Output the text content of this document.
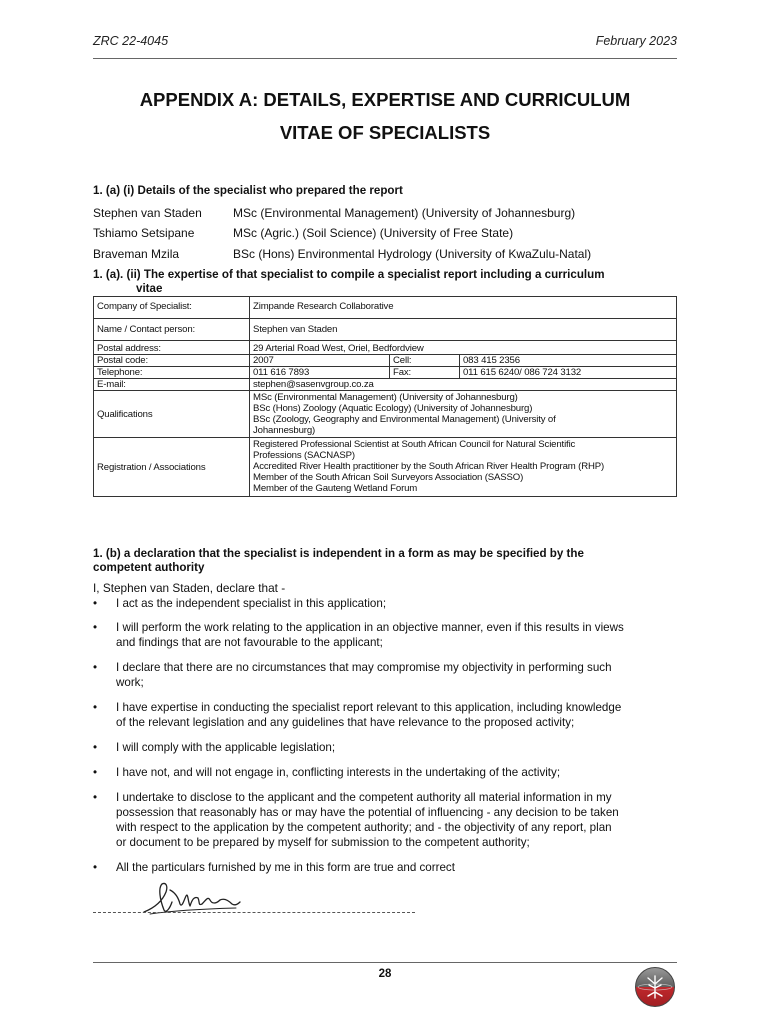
ZRC 22-4045	February 2023
APPENDIX A: DETAILS, EXPERTISE AND CURRICULUM
VITAE OF SPECIALISTS
1. (a) (i) Details of the specialist who prepared the report
Stephen van Staden	MSc (Environmental Management) (University of Johannesburg)
Tshiamo Setsipane	MSc (Agric.) (Soil Science) (University of Free State)
Braveman Mzila	BSc (Hons) Environmental Hydrology (University of KwaZulu-Natal)
1. (a). (ii) The expertise of that specialist to compile a specialist report including a curriculum
vitae
Company of Specialist:	Zimpande Research Collaborative		
Name / Contact person:	Stephen van Staden		
Postal address:	29 Arterial Road West, Oriel, Bedfordview		
Postal code:	2007	Cell:	083 415 2356
Telephone:	011 616 7893	Fax:	011 615 6240/ 086 724 3132
E-mail:	stephen@sasenvgroup.co.za		
Qualifications	MSc (Environmental Management) (University of Johannesburg)
BSc (Hons) Zoology (Aquatic Ecology) (University of Johannesburg)
BSc (Zoology, Geography and Environmental Management) (University of
Johannesburg)		

Registration / Associations	Registered Professional Scientist at South African Council for Natural Scientific
Professions (SACNASP)
Accredited River Health practitioner by the South African River Health Program (RHP)
Member of the South African Soil Surveyors Association (SASSO)
Member of the Gauteng Wetland Forum		
1. (b) a declaration that the specialist is independent in a form as may be specified by the
competent authority
I, Stephen van Staden, declare that -
• I act as the independent specialist in this application;
• I will perform the work relating to the application in an objective manner, even if this results in views
and findings that are not favourable to the applicant;
• I declare that there are no circumstances that may compromise my objectivity in performing such
work;
• I have expertise in conducting the specialist report relevant to this application, including knowledge
of the relevant legislation and any guidelines that have relevance to the proposed activity;
• I will comply with the applicable legislation;
• I have not, and will not engage in, conflicting interests in the undertaking of the activity;
• I undertake to disclose to the applicant and the competent authority all material information in my
possession that reasonably has or may have the potential of influencing - any decision to be taken
with respect to the application by the competent authority; and - the objectivity of any report, plan
or document to be prepared by myself for submission to the competent authority;
• All the particulars furnished by me in this form are true and correct
28
